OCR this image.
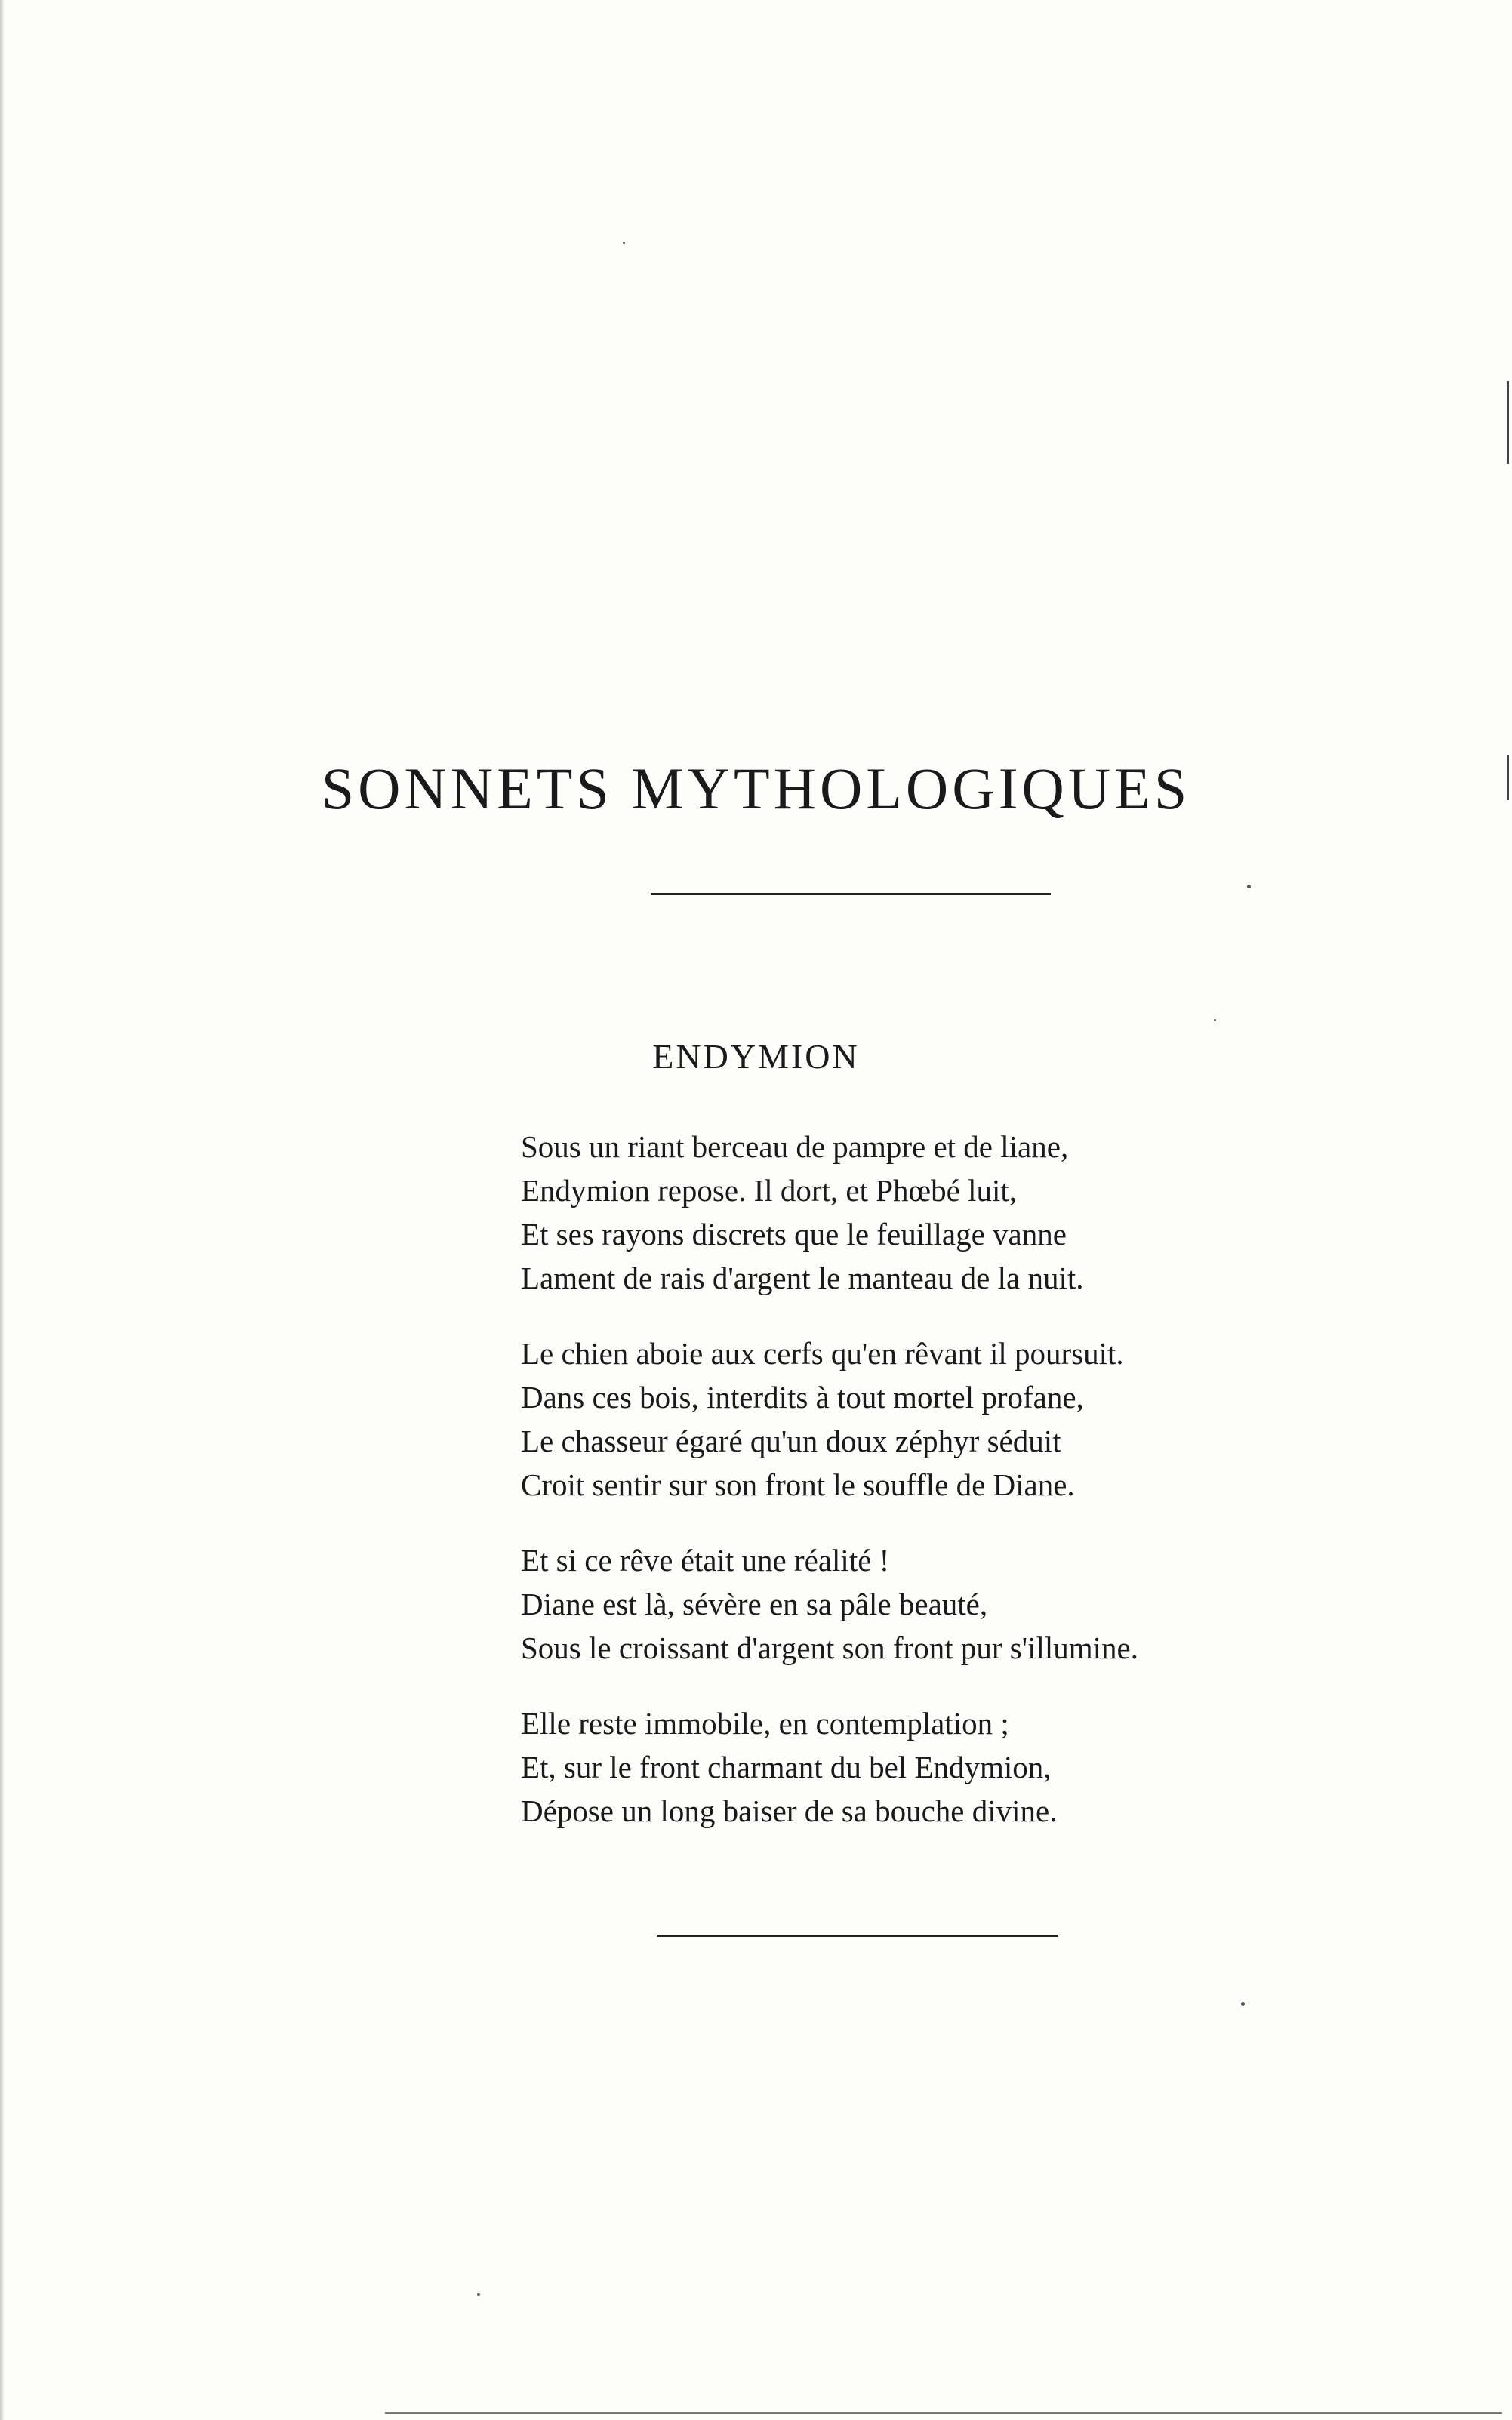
SONNETS MYTHOLOGIQUES
ENDYMION
Sous un riant berceau de pampre et de liane,
Endymion repose. Il dort, et Phœbé luit,
Et ses rayons discrets que le feuillage vanne
Lament de rais d'argent le manteau de la nuit.
Le chien aboie aux cerfs qu'en rêvant il poursuit.
Dans ces bois, interdits à tout mortel profane,
Le chasseur égaré qu'un doux zéphyr séduit
Croit sentir sur son front le souffle de Diane.
Et si ce rêve était une réalité !
Diane est là, sévère en sa pâle beauté,
Sous le croissant d'argent son front pur s'illumine.
Elle reste immobile, en contemplation ;
Et, sur le front charmant du bel Endymion,
Dépose un long baiser de sa bouche divine.
